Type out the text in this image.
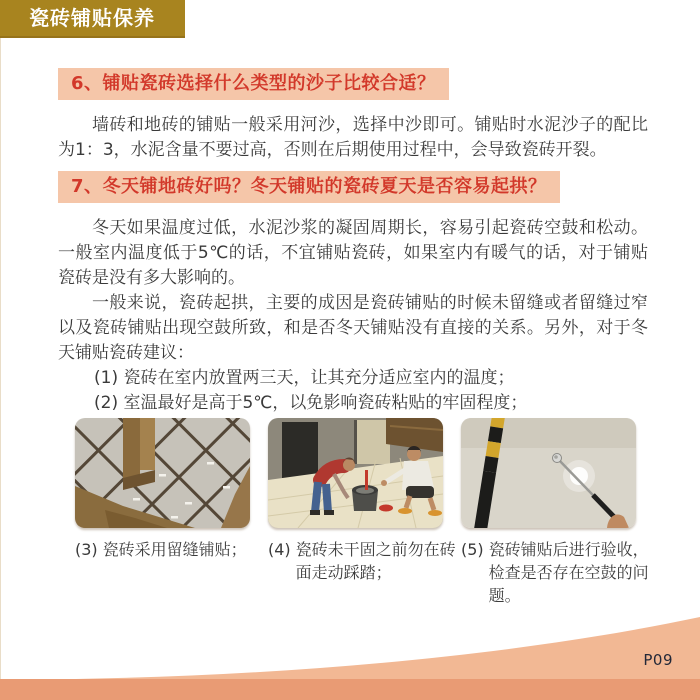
瓷砖铺贴保养
6、铺贴瓷砖选择什么类型的沙子比较合适？

墙砖和地砖的铺贴一般采用河沙，选择中沙即可。铺贴时水泥沙子的配比为1：3，水泥含量不要过高，否则在后期使用过程中，会导致瓷砖开裂。

7、冬天铺地砖好吗？冬天铺贴的瓷砖夏天是否容易起拱？

冬天如果温度过低，水泥沙浆的凝固周期长，容易引起瓷砖空鼓和松动。一般室内温度低于5℃的话，不宜铺贴瓷砖，如果室内有暖气的话，对于铺贴瓷砖是没有多大影响的。

一般来说，瓷砖起拱，主要的成因是瓷砖铺贴的时候未留缝或者留缝过窄以及瓷砖铺贴出现空鼓所致，和是否冬天铺贴没有直接的关系。另外，对于冬天铺贴瓷砖建议：

(1) 瓷砖在室内放置两三天，让其充分适应室内的温度；

(2) 室温最好是高于5℃，以免影响瓷砖粘贴的牢固程度；

(3) 瓷砖采用留缝铺贴； (4) 瓷砖未干固之前勿在砖面走动踩踏；
(5) 瓷砖铺贴后进行验收，检查是否存在空鼓的问题。
P09
